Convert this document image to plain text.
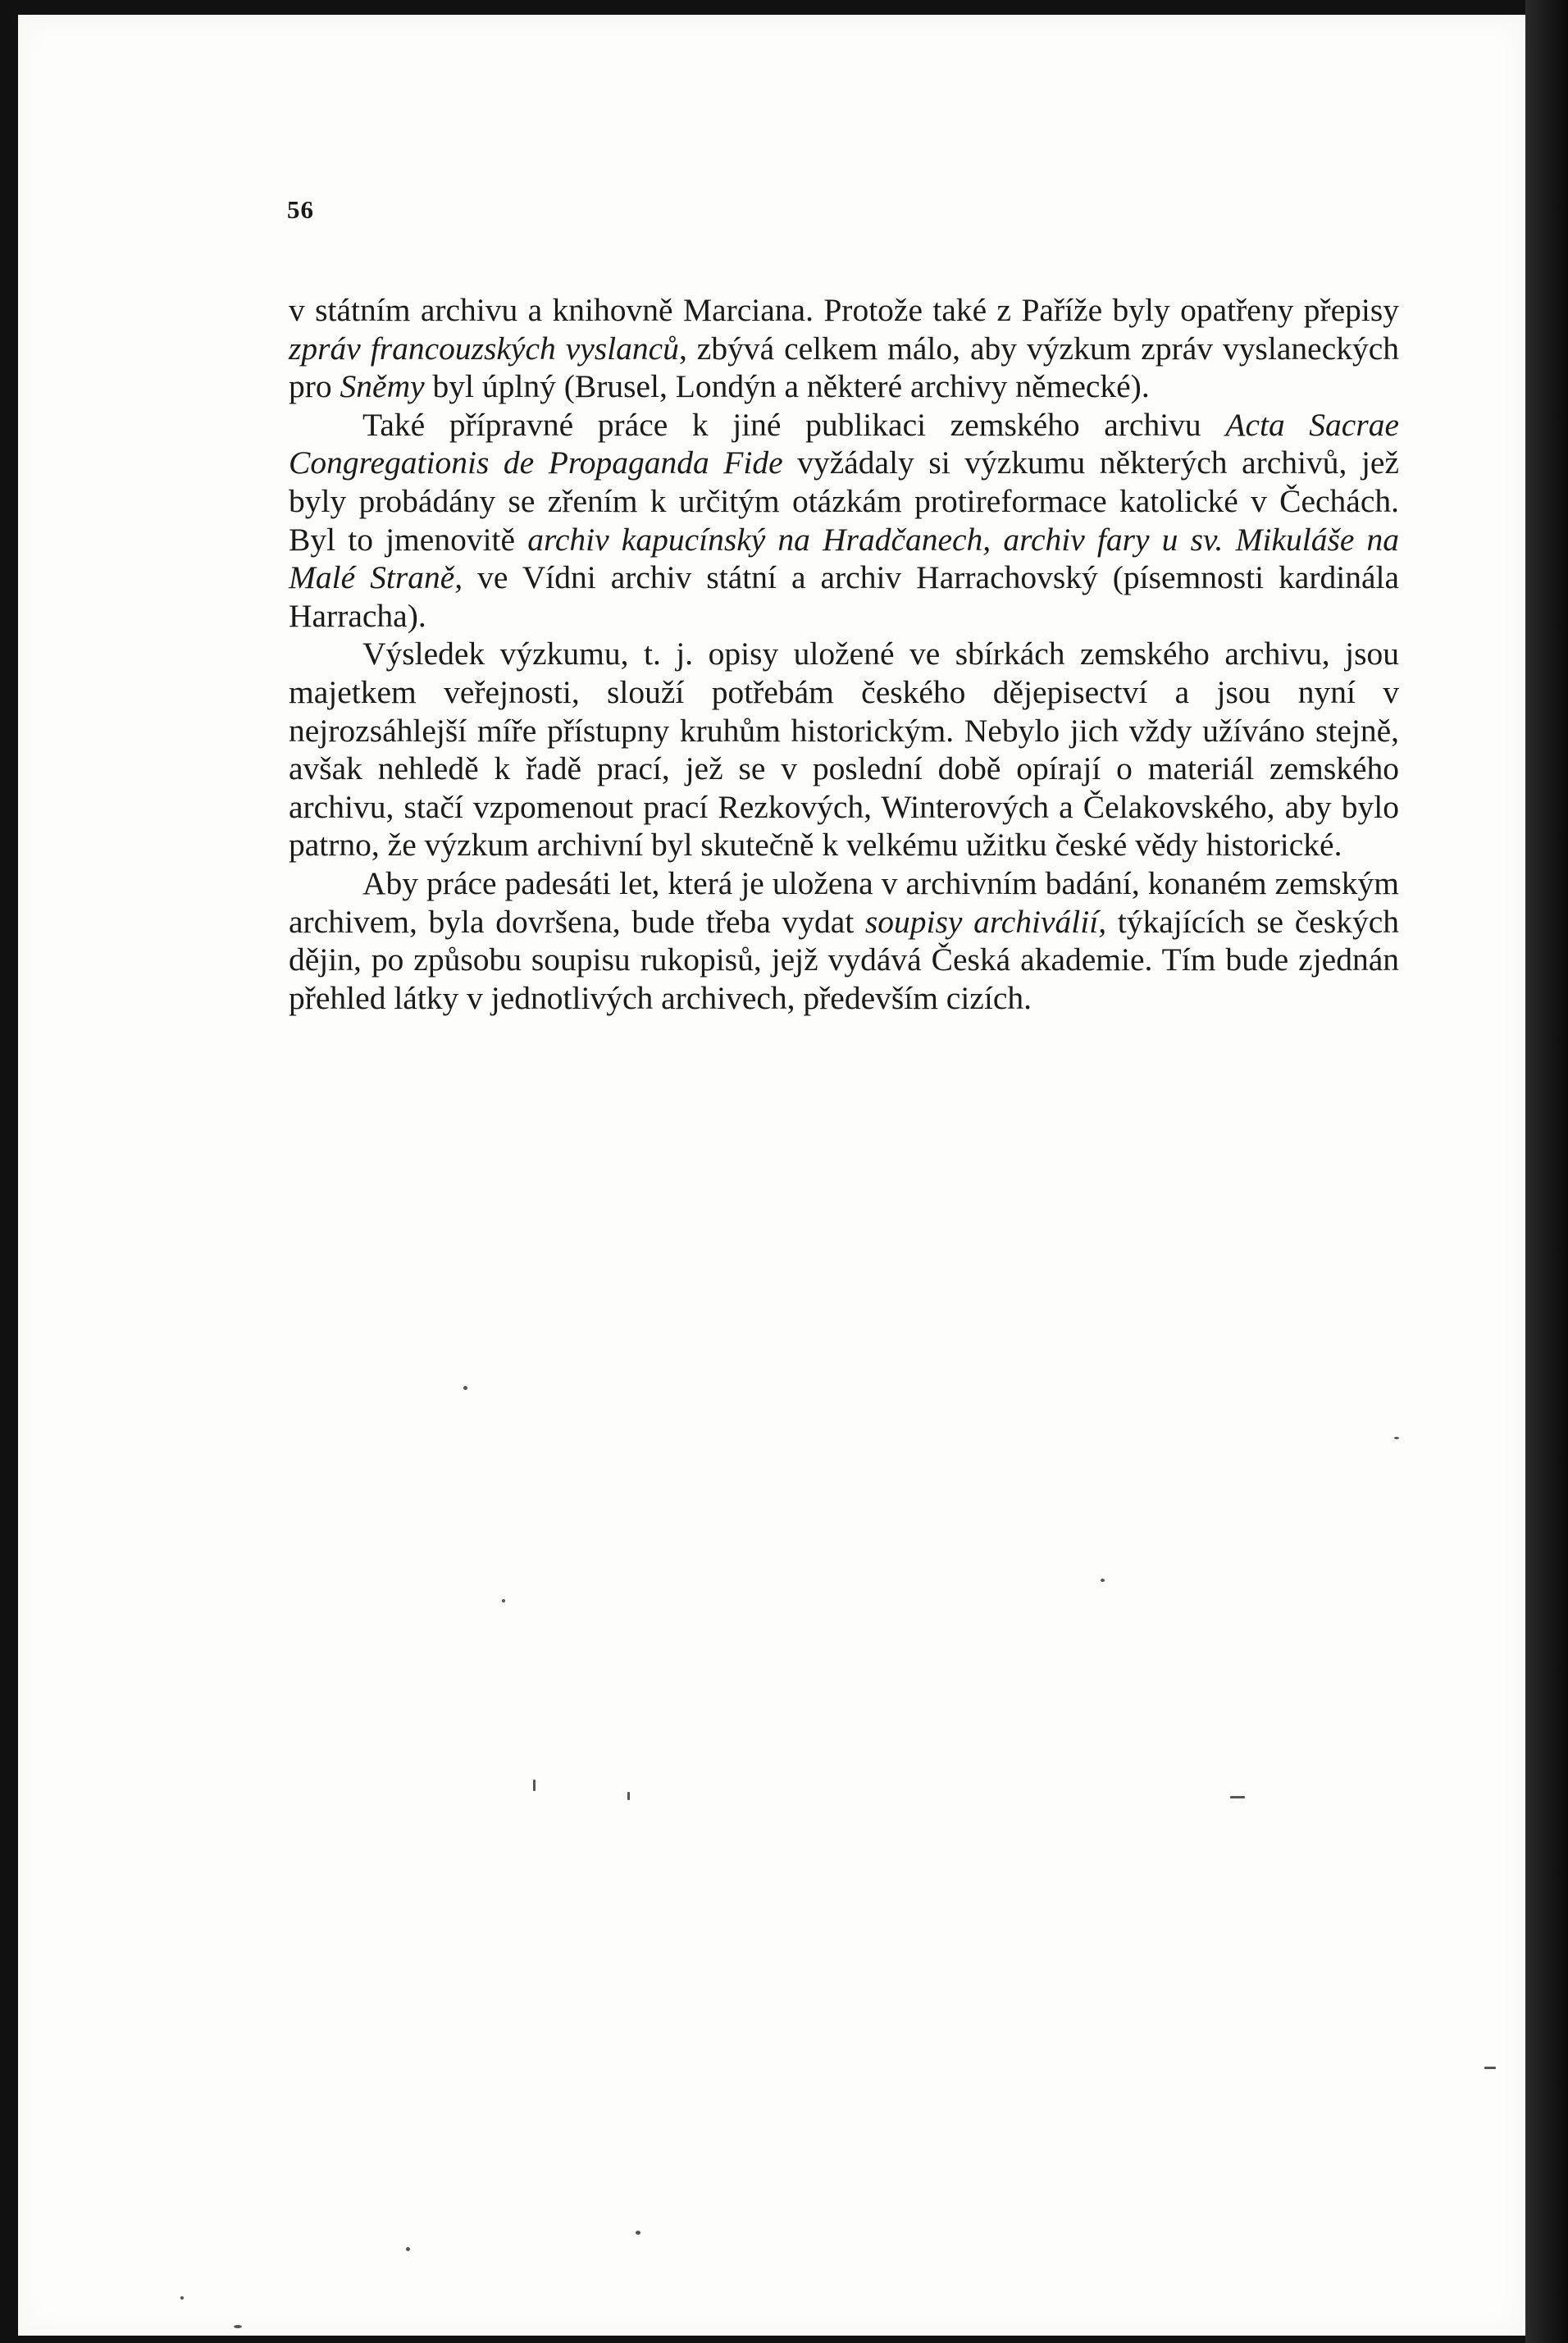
56

v státním archivu a knihovně Marciana. Protože také z Paříže byly opatřeny přepisy zpráv francouzských vyslanců, zbývá celkem málo, aby výzkum zpráv vyslaneckých pro Sněmy byl úplný (Brusel, Londýn a některé archivy německé).

Také přípravné práce k jiné publikaci zemského archivu Acta Sacrae Congregationis de Propaganda Fide vyžádaly si výzkumu některých archivů, jež byly probádány se zřením k určitým otázkám protireformace katolické v Čechách. Byl to jmenovitě archiv kapucínský na Hradčanech, archiv fary u sv. Mikuláše na Malé Straně, ve Vídni archiv státní a archiv Harrachovský (písemnosti kardinála Harracha).

Výsledek výzkumu, t. j. opisy uložené ve sbírkách zemského archivu, jsou majetkem veřejnosti, slouží potřebám českého dějepisectví a jsou nyní v nejrozsáhlejší míře přístupny kruhům historickým. Nebylo jich vždy užíváno stejně, avšak nehledě k řadě prací, jež se v poslední době opírají o materiál zemského archivu, stačí vzpomenout prací Rezkových, Winterových a Čelakovského, aby bylo patrno, že výzkum archivní byl skutečně k velkému užitku české vědy historické.

Aby práce padesáti let, která je uložena v archivním badání, konaném zemským archivem, byla dovršena, bude třeba vydat soupisy archiválií, týkajících se českých dějin, po způsobu soupisu rukopisů, jejž vydává Česká akademie. Tím bude zjednán přehled látky v jednotlivých archivech, především cizích.
